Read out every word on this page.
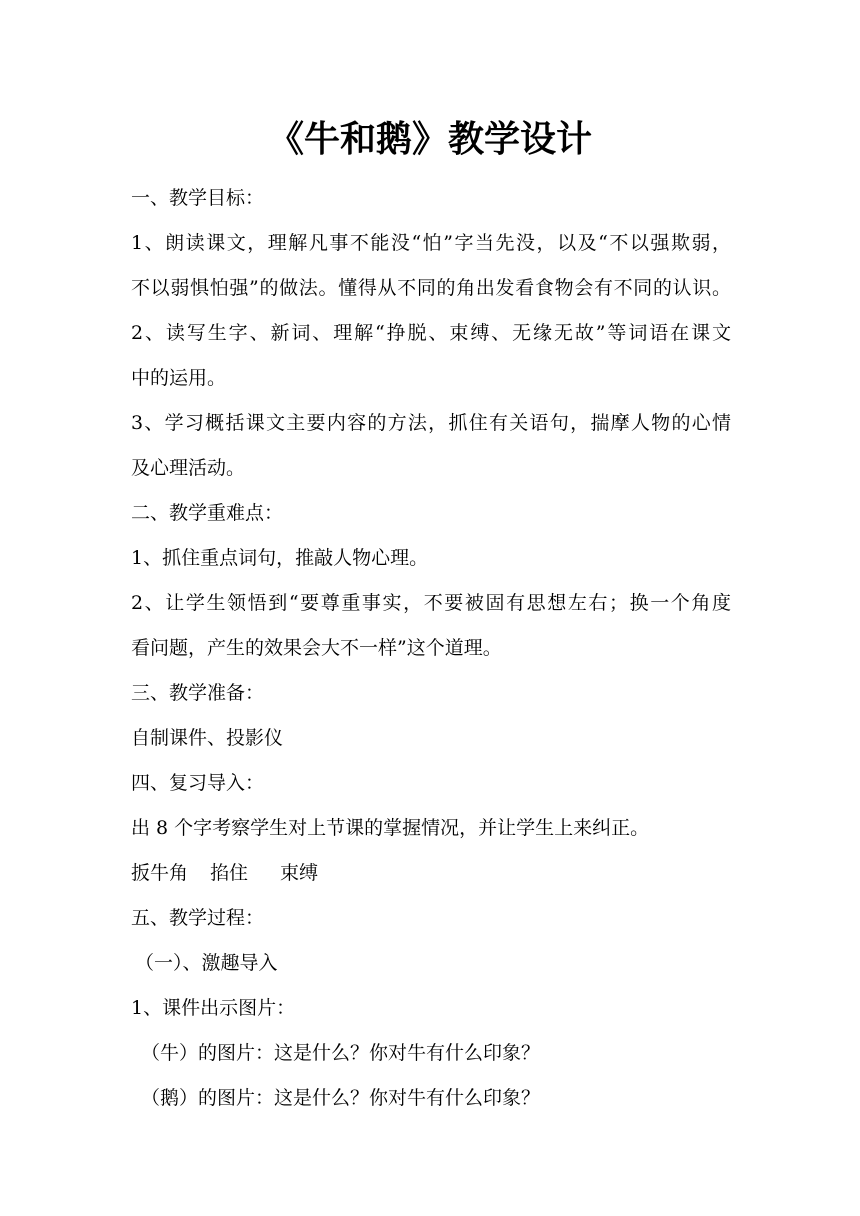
《牛和鹅》教学设计

一、教学目标：

1、朗读课文，理解凡事不能没“怕”字当先没，以及“不以强欺弱，

不以弱惧怕强”的做法。懂得从不同的角出发看食物会有不同的认识。

2、读写生字、新词、理解“挣脱、束缚、无缘无故”等词语在课文

中的运用。

3、学习概括课文主要内容的方法，抓住有关语句，揣摩人物的心情

及心理活动。

二、教学重难点：

1、抓住重点词句，推敲人物心理。

2、让学生领悟到“要尊重事实，不要被固有思想左右；换一个角度

看问题，产生的效果会大不一样”这个道理。

三、教学准备：

自制课件、投影仪

四、复习导入：

出 8 个字考察学生对上节课的掌握情况，并让学生上来纠正。

扳牛角 掐住 束缚

五、教学过程：

（一）、激趣导入

1、课件出示图片：

（牛）的图片：这是什么？你对牛有什么印象？

（鹅）的图片：这是什么？你对牛有什么印象？
